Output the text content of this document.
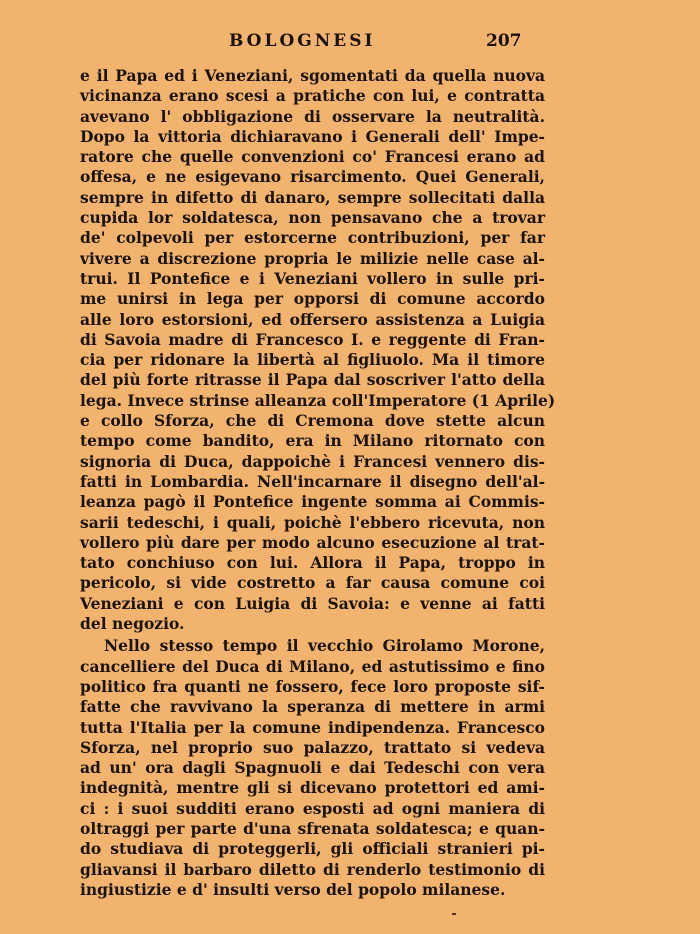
BOLOGNESI	207
e il Papa ed i Veneziani, sgomentati da quella nuova
vicinanza erano scesi a pratiche con lui, e contratta
avevano l' obbligazione di osservare la neutralità.
Dopo la vittoria dichiaravano i Generali dell' Impe-
ratore che quelle convenzioni co' Francesi erano ad
offesa, e ne esigevano risarcimento. Quei Generali,
sempre in difetto di danaro, sempre sollecitati dalla
cupida lor soldatesca, non pensavano che a trovar
de' colpevoli per estorcerne contribuzioni, per far
vivere a discrezione propria le milizie nelle case al-
trui. Il Pontefice e i Veneziani vollero in sulle pri-
me unirsi in lega per opporsi di comune accordo
alle loro estorsioni, ed offersero assistenza a Luigia
di Savoia madre di Francesco I. e reggente di Fran-
cia per ridonare la libertà al figliuolo. Ma il timore
del più forte ritrasse il Papa dal soscriver l'atto della
lega. Invece strinse alleanza coll'Imperatore (1 Aprile)
e collo Sforza, che di Cremona dove stette alcun
tempo come bandito, era in Milano ritornato con
signoria di Duca, dappoichè i Francesi vennero dis-
fatti in Lombardia. Nell'incarnare il disegno dell'al-
leanza pagò il Pontefice ingente somma ai Commis-
sarii tedeschi, i quali, poichè l'ebbero ricevuta, non
vollero più dare per modo alcuno esecuzione al trat-
tato conchiuso con lui. Allora il Papa, troppo in
pericolo, si vide costretto a far causa comune coi
Veneziani e con Luigia di Savoia: e venne ai fatti
del negozio.
Nello stesso tempo il vecchio Girolamo Morone,
cancelliere del Duca di Milano, ed astutissimo e fino
politico fra quanti ne fossero, fece loro proposte sif-
fatte che ravvivano la speranza di mettere in armi
tutta l'Italia per la comune indipendenza. Francesco
Sforza, nel proprio suo palazzo, trattato si vedeva
ad un' ora dagli Spagnuoli e dai Tedeschi con vera
indegnità, mentre gli si dicevano protettori ed ami-
ci : i suoi sudditi erano esposti ad ogni maniera di
oltraggi per parte d'una sfrenata soldatesca; e quan-
do studiava di proteggerli, gli officiali stranieri pi-
gliavansi il barbaro diletto di renderlo testimonio di
ingiustizie e d' insulti verso del popolo milanese.
